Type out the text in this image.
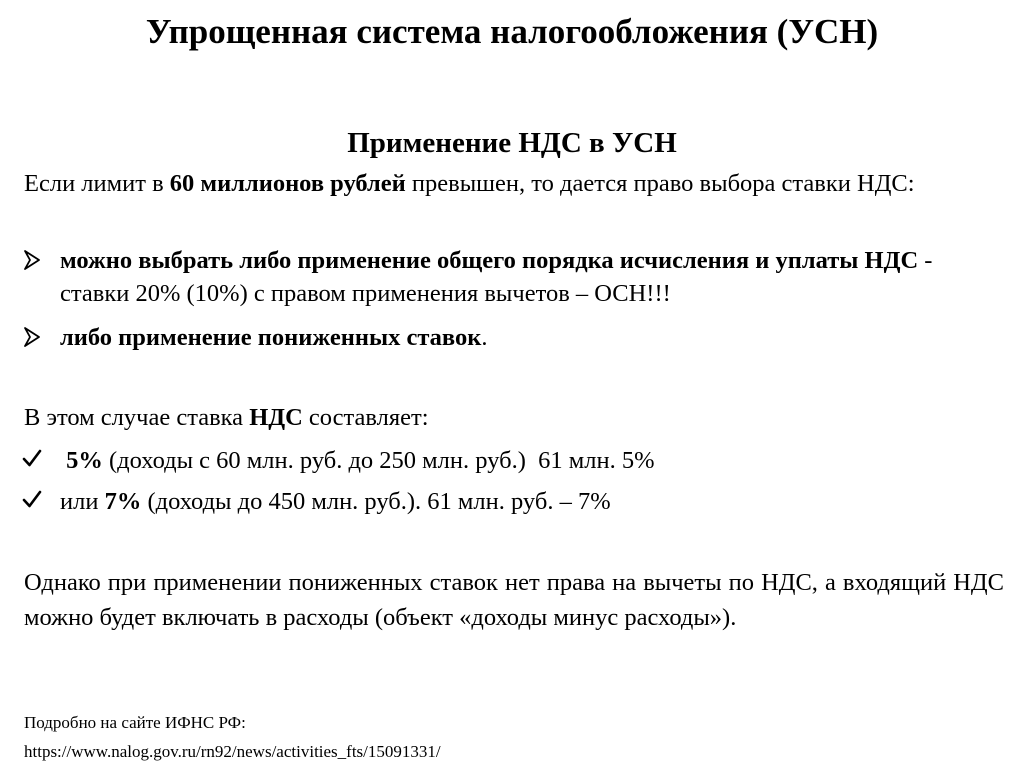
Упрощенная система налогообложения (УСН)
Применение НДС в УСН
Если лимит в 60 миллионов рублей превышен, то дается право выбора ставки НДС:
можно выбрать либо применение общего порядка исчисления и уплаты НДС - ставки 20% (10%) с правом применения вычетов – ОСН!!!
либо применение пониженных ставок.
В этом случае ставка НДС составляет:
5% (доходы с 60 млн. руб. до 250 млн. руб.)  61 млн. 5%
или 7% (доходы до 450 млн. руб.). 61 млн. руб. – 7%
Однако при применении пониженных ставок нет права на вычеты по НДС, а входящий НДС можно будет включать в расходы (объект «доходы минус расходы»).
Подробно на сайте ИФНС РФ:
https://www.nalog.gov.ru/rn92/news/activities_fts/15091331/
